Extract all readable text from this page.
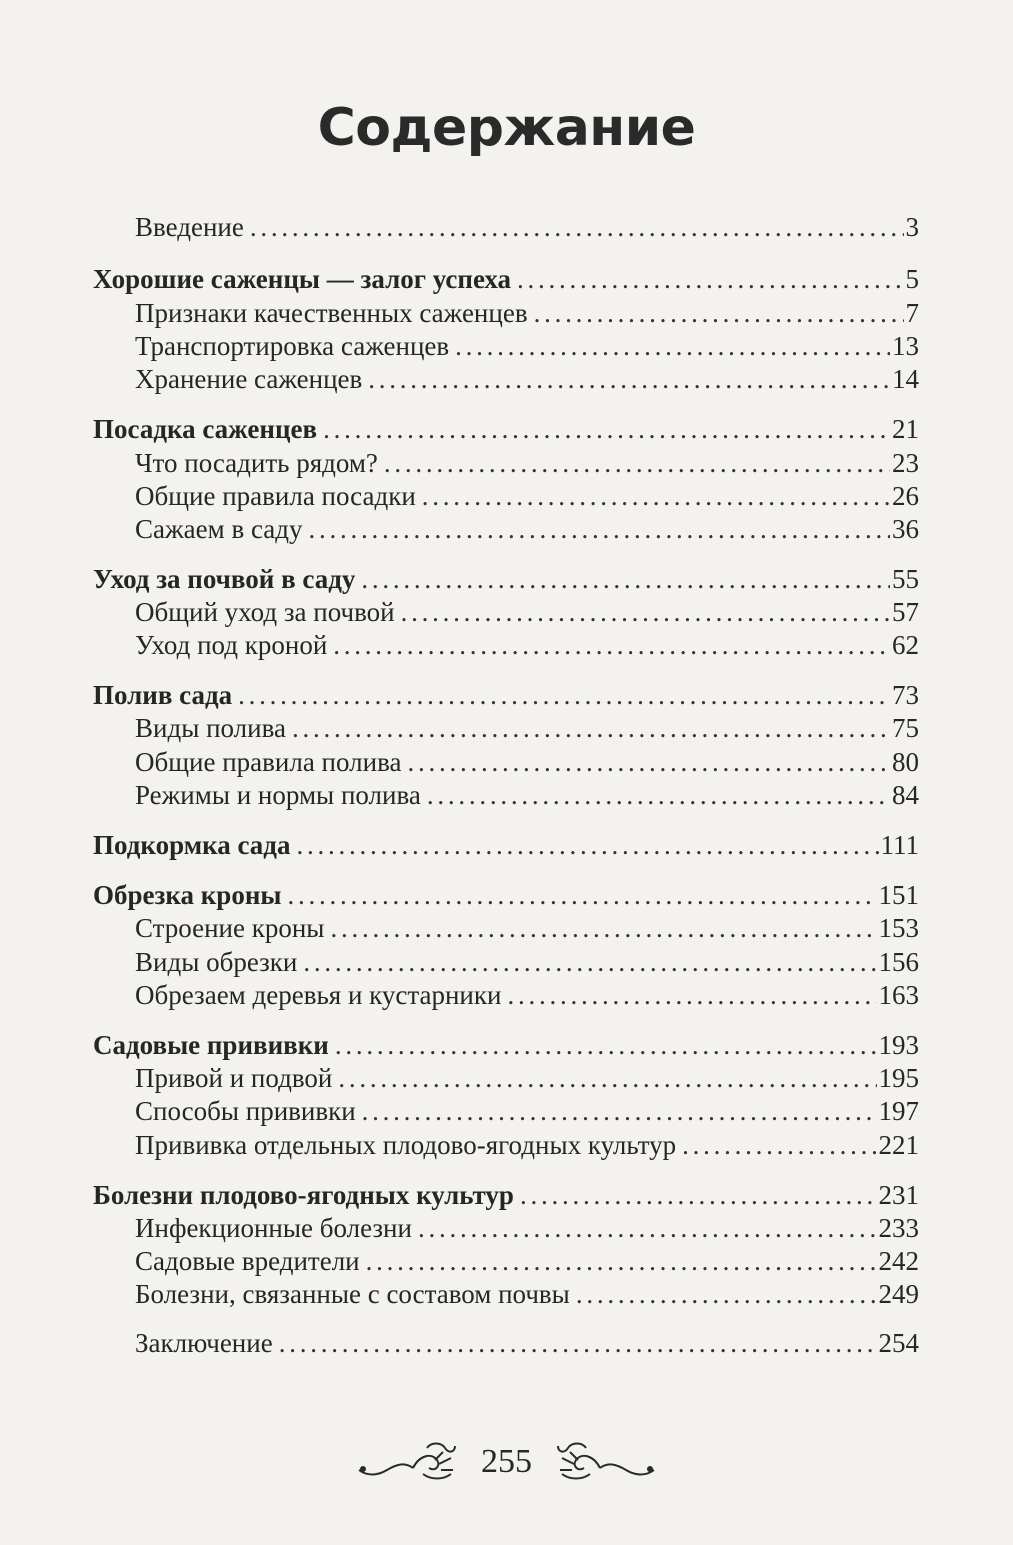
Содержание
Введение . . .	3
Хорошие саженцы — залог успеха . . .	5
Признаки качественных саженцев . . .	7
Транспортировка саженцев . . .	13
Хранение саженцев . . .	14
Посадка саженцев . . .	21
Что посадить рядом? . . .	23
Общие правила посадки . . .	26
Сажаем в саду . . .	36
Уход за почвой в саду . . .	55
Общий уход за почвой . . .	57
Уход под кроной . . .	62
Полив сада . . .	73
Виды полива . . .	75
Общие правила полива . . .	80
Режимы и нормы полива . . .	84
Подкормка сада . . .	111
Обрезка кроны . . .	151
Строение кроны . . .	153
Виды обрезки . . .	156
Обрезаем деревья и кустарники . . .	163
Садовые прививки . . .	193
Привой и подвой . . .	195
Способы прививки . . .	197
Прививка отдельных плодово-ягодных культур . . .	221
Болезни плодово-ягодных культур . . .	231
Инфекционные болезни . . .	233
Садовые вредители . . .	242
Болезни, связанные с составом почвы . . .	249
Заключение . . .	254
255
